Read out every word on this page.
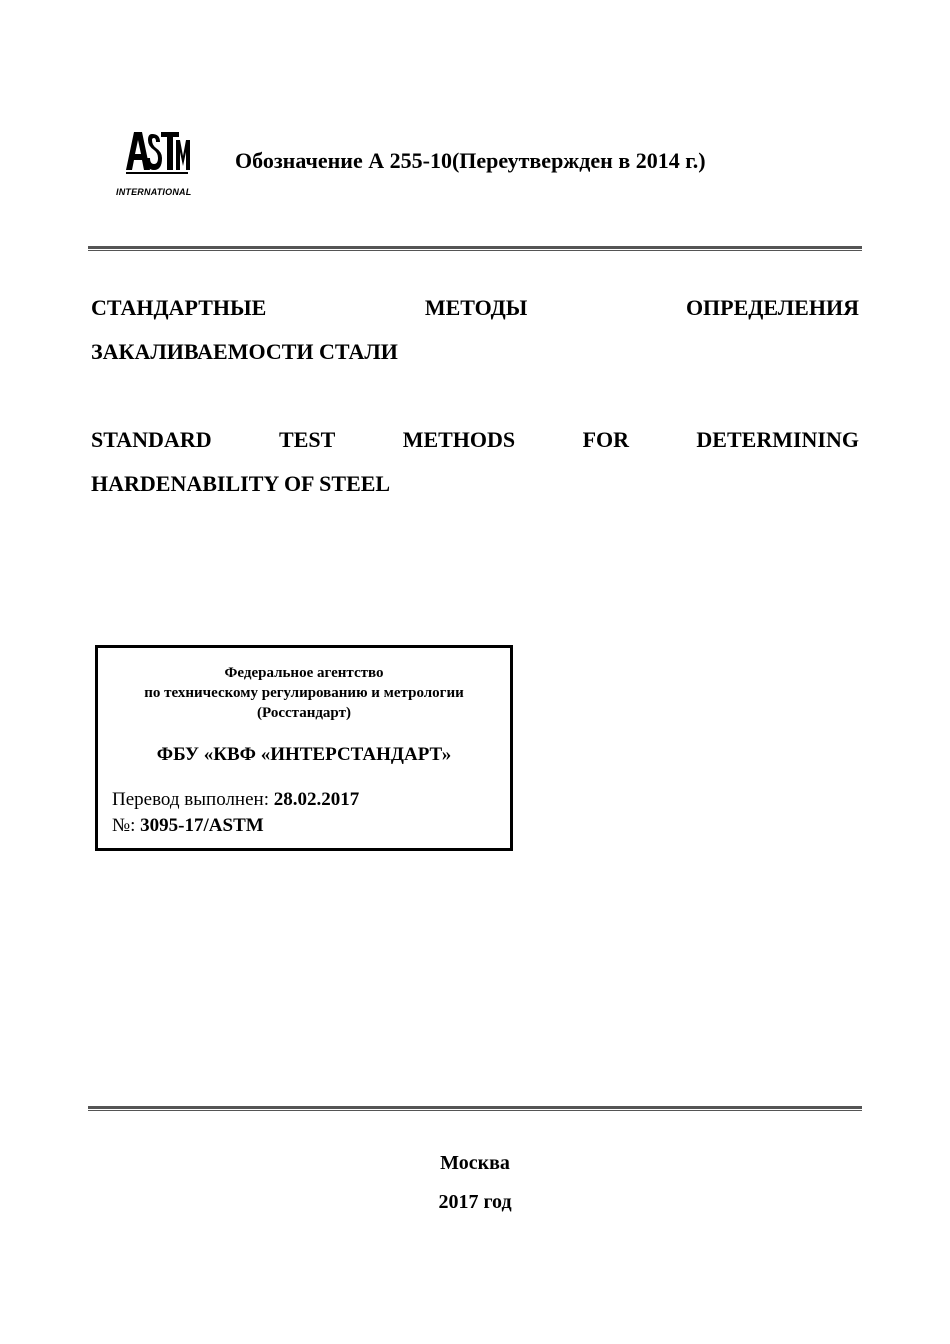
INTERNATIONAL
Обозначение А 255-10(Переутвержден в 2014 г.)
СТАНДАРТНЫЕ	МЕТОДЫ	ОПРЕДЕЛЕНИЯ
ЗАКАЛИВАЕМОСТИ СТАЛИ
STANDARD	TEST	METHODS	FOR	DETERMINING
HARDENABILITY OF STEEL
Федеральное агентство
по техническому регулированию и метрологии
(Росстандарт)
ФБУ «КВФ «ИНТЕРСТАНДАРТ»
Перевод выполнен: 28.02.2017
№: 3095-17/ASTM
Москва
2017 год
